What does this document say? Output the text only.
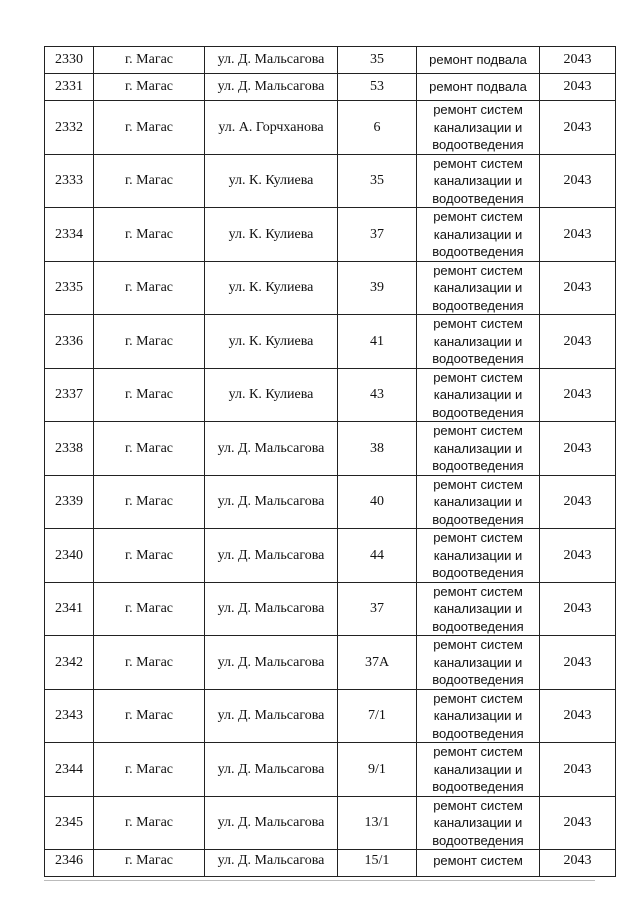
2330	г. Магас	ул. Д. Мальсагова	35	ремонт подвала	2043
2331	г. Магас	ул. Д. Мальсагова	53	ремонт подвала	2043
2332	г. Магас	ул. А. Горчханова	6	ремонт систем
канализации и
водоотведения	2043
2333	г. Магас	ул. К. Кулиева	35	ремонт систем
канализации и
водоотведения	2043
2334	г. Магас	ул. К. Кулиева	37	ремонт систем
канализации и
водоотведения	2043
2335	г. Магас	ул. К. Кулиева	39	ремонт систем
канализации и
водоотведения	2043
2336	г. Магас	ул. К. Кулиева	41	ремонт систем
канализации и
водоотведения	2043
2337	г. Магас	ул. К. Кулиева	43	ремонт систем
канализации и
водоотведения	2043
2338	г. Магас	ул. Д. Мальсагова	38	ремонт систем
канализации и
водоотведения	2043
2339	г. Магас	ул. Д. Мальсагова	40	ремонт систем
канализации и
водоотведения	2043
2340	г. Магас	ул. Д. Мальсагова	44	ремонт систем
канализации и
водоотведения	2043
2341	г. Магас	ул. Д. Мальсагова	37	ремонт систем
канализации и
водоотведения	2043
2342	г. Магас	ул. Д. Мальсагова	37А	ремонт систем
канализации и
водоотведения	2043
2343	г. Магас	ул. Д. Мальсагова	7/1	ремонт систем
канализации и
водоотведения	2043
2344	г. Магас	ул. Д. Мальсагова	9/1	ремонт систем
канализации и
водоотведения	2043
2345	г. Магас	ул. Д. Мальсагова	13/1	ремонт систем
канализации и
водоотведения	2043
2346	г. Магас	ул. Д. Мальсагова	15/1	ремонт систем	2043
